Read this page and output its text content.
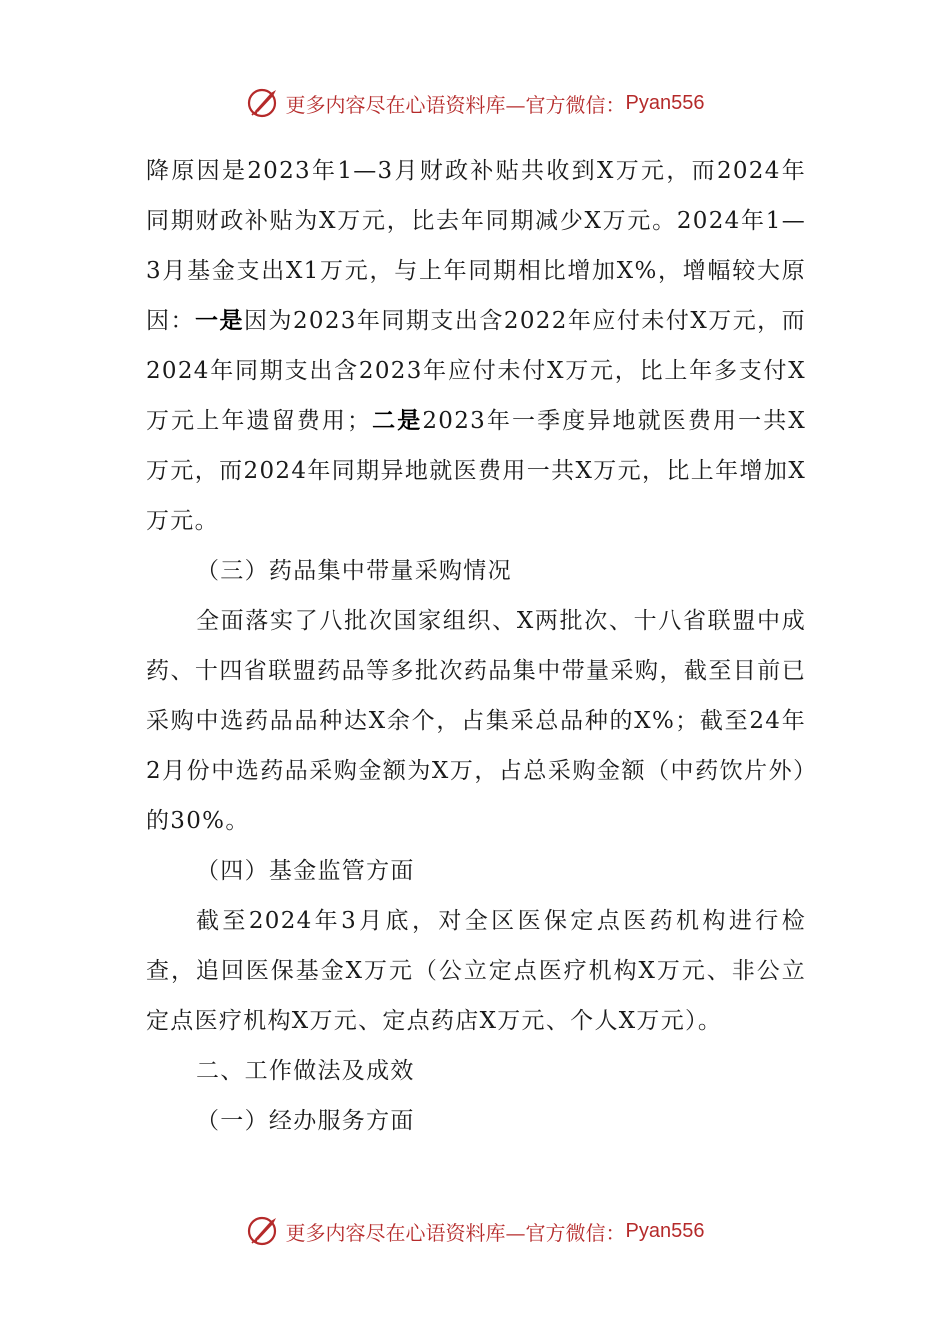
更多内容尽在心语资料库—官方微信： Pyan556

降原因是2023年1—3月财政补贴共收到X万元，而2024年同期财政补贴为X万元，比去年同期减少X万元。2024年1—3月基金支出X1万元，与上年同期相比增加X%，增幅较大原因：一是因为2023年同期支出含2022年应付未付X万元，而2024年同期支出含2023年应付未付X万元，比上年多支付X万元上年遗留费用；二是2023年一季度异地就医费用一共X万元，而2024年同期异地就医费用一共X万元，比上年增加X万元。

（三）药品集中带量采购情况

全面落实了八批次国家组织、X两批次、十八省联盟中成药、十四省联盟药品等多批次药品集中带量采购，截至目前已采购中选药品品种达X余个，占集采总品种的X%；截至24年2月份中选药品采购金额为X万，占总采购金额（中药饮片外）的30%。

（四）基金监管方面

截至2024年3月底，对全区医保定点医药机构进行检查，追回医保基金X万元（公立定点医疗机构X万元、非公立定点医疗机构X万元、定点药店X万元、个人X万元）。

二、工作做法及成效

（一）经办服务方面

更多内容尽在心语资料库—官方微信： Pyan556
